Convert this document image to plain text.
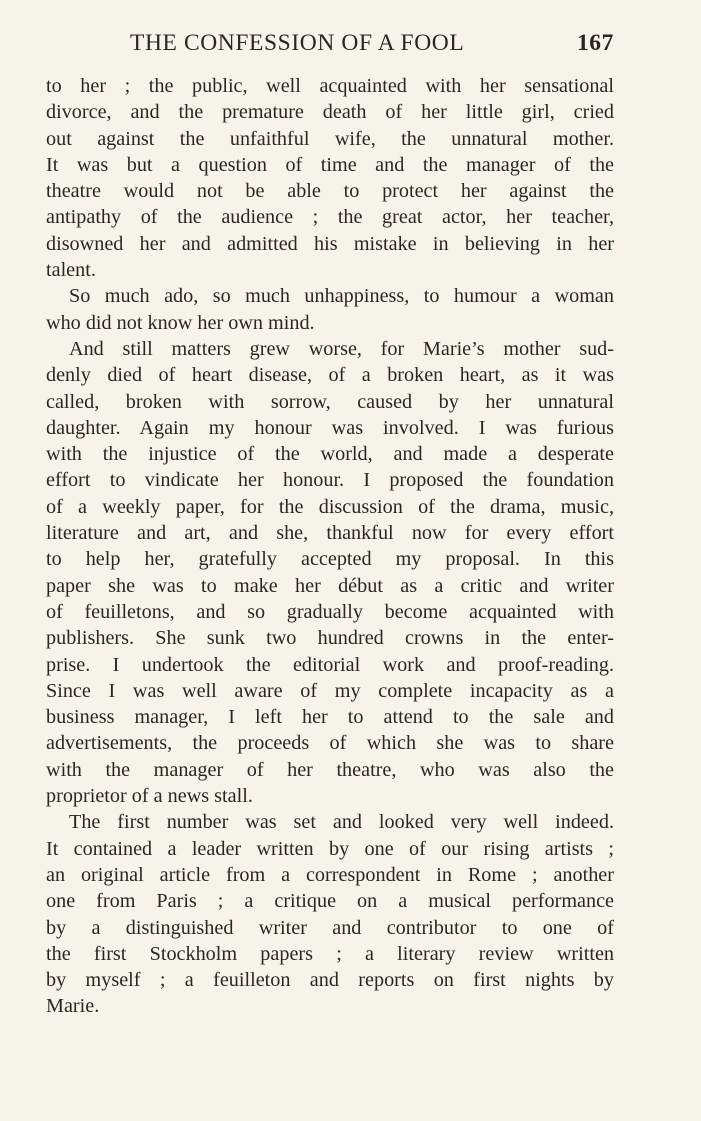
THE CONFESSION OF A FOOL	167
to her ; the public, well acquainted with her sensational
divorce, and the premature death of her little girl, cried
out against the unfaithful wife, the unnatural mother.
It was but a question of time and the manager of the
theatre would not be able to protect her against the
antipathy of the audience ; the great actor, her teacher,
disowned her and admitted his mistake in believing in her
talent.
So much ado, so much unhappiness, to humour a woman
who did not know her own mind.
And still matters grew worse, for Marie’s mother sud-
denly died of heart disease, of a broken heart, as it was
called, broken with sorrow, caused by her unnatural
daughter. Again my honour was involved. I was furious
with the injustice of the world, and made a desperate
effort to vindicate her honour. I proposed the foundation
of a weekly paper, for the discussion of the drama, music,
literature and art, and she, thankful now for every effort
to help her, gratefully accepted my proposal. In this
paper she was to make her début as a critic and writer
of feuilletons, and so gradually become acquainted with
publishers. She sunk two hundred crowns in the enter-
prise. I undertook the editorial work and proof-reading.
Since I was well aware of my complete incapacity as a
business manager, I left her to attend to the sale and
advertisements, the proceeds of which she was to share
with the manager of her theatre, who was also the
proprietor of a news stall.
The first number was set and looked very well indeed.
It contained a leader written by one of our rising artists ;
an original article from a correspondent in Rome ; another
one from Paris ; a critique on a musical performance
by a distinguished writer and contributor to one of
the first Stockholm papers ; a literary review written
by myself ; a feuilleton and reports on first nights by
Marie.
